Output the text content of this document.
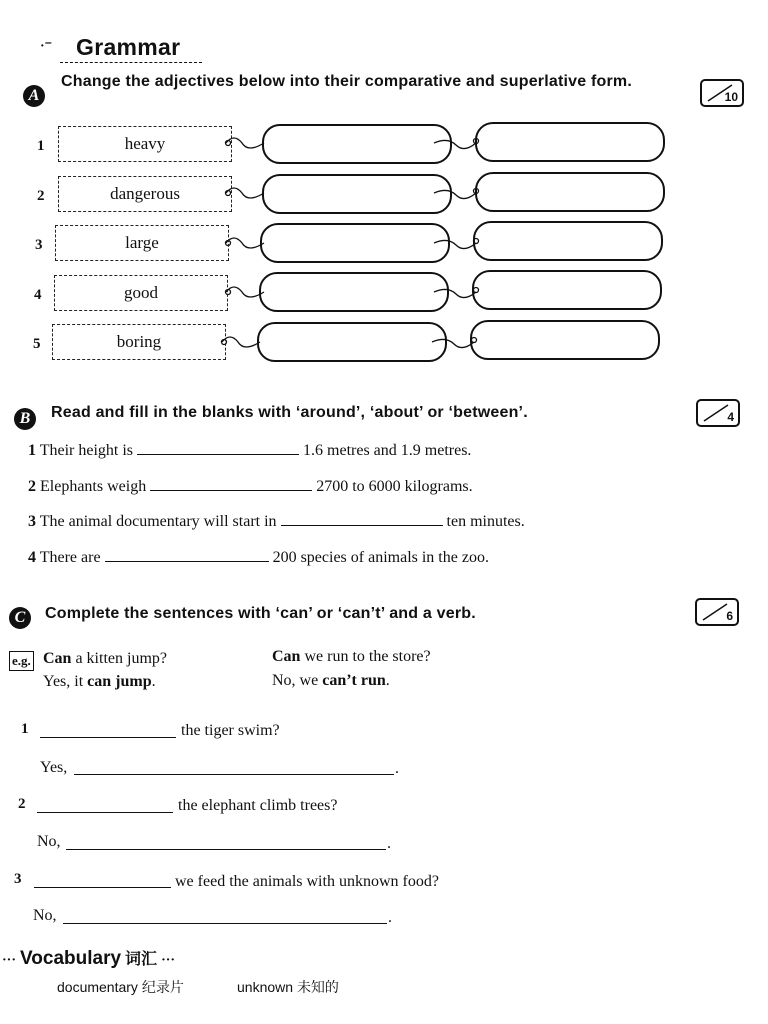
·⁻ Grammar
A
Change the adjectives below into their comparative and superlative form.
10
1	heavy
2	dangerous
3	large
4	good
5	boring
B	Read and fill in the blanks with ‘around’, ‘about’ or ‘between’.	4
1 Their height is	1.6 metres and 1.9 metres.
2 Elephants weigh	2700 to 6000 kilograms.
3 The animal documentary will start in	ten minutes.
4 There are	200 species of animals in the zoo.
C	Complete the sentences with ‘can’ or ‘can’t’ and a verb.	6
e.g. Can a kitten jump?
Yes, it can jump.
Can we run to the store?
No, we can’t run.
1	the tiger swim?
Yes,	.
2	the elephant climb trees?
No,	.
3	we feed the animals with unknown food?
No,	.
··· Vocabulary 词汇 ···
documentary 纪录片	unknown 未知的
